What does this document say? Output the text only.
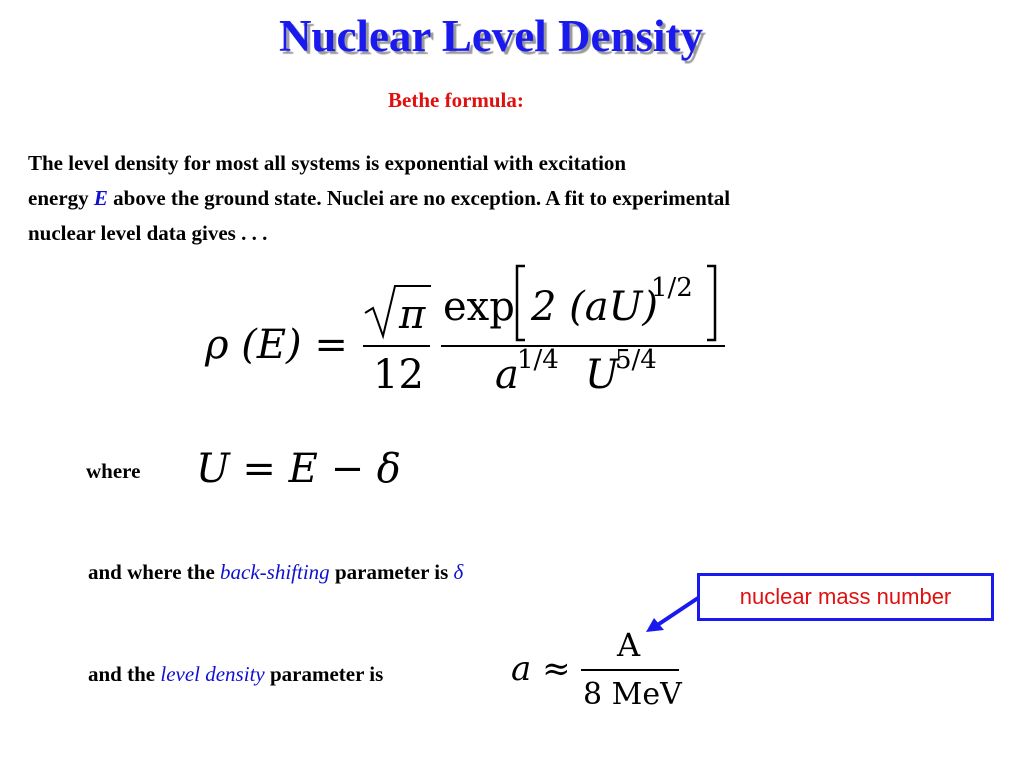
Nuclear Level Density
Bethe formula:
The level density for most all systems is exponential with excitation
energy E above the ground state. Nuclei are no exception. A fit to experimental
nuclear level data gives . . .
ρ (E) =
π
12
exp 2 (aU)
1/2
a
1/4 U
5/4
where U = E − δ
and where the back-shifting parameter is δ
and the level density parameter is	a ≈
A
8 MeV
nuclear mass number
